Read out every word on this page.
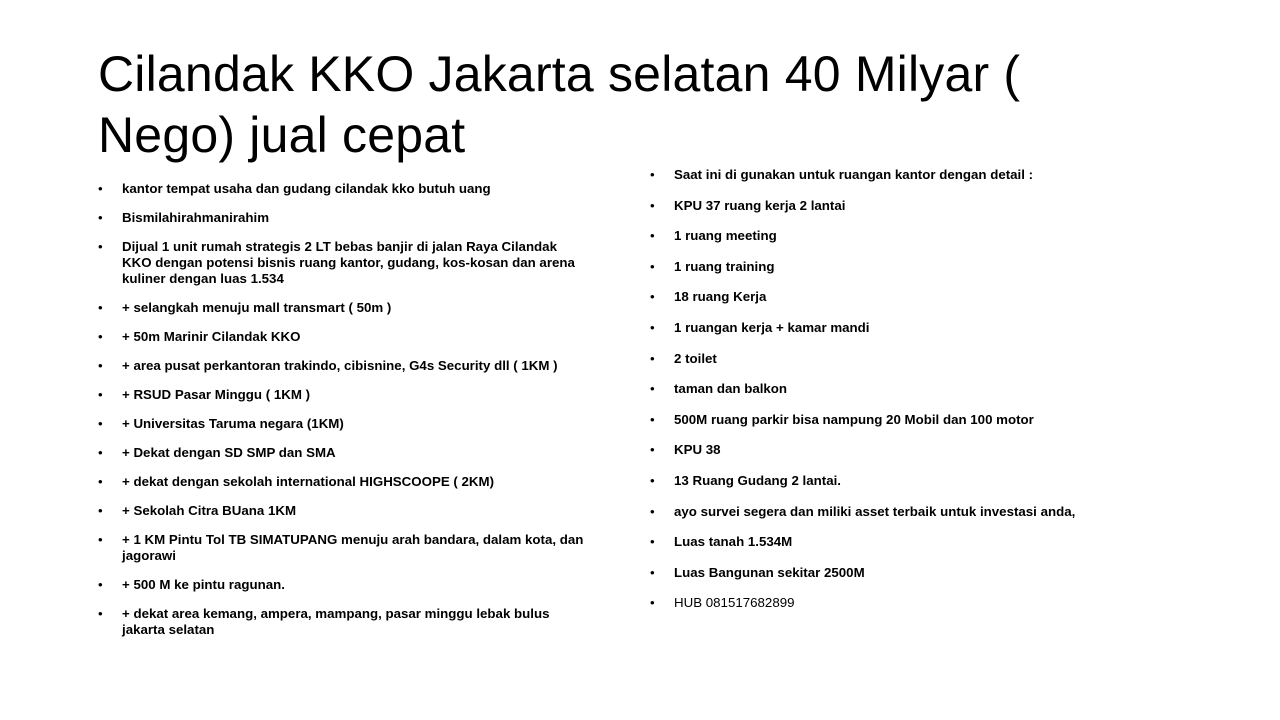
Cilandak KKO Jakarta selatan 40 Milyar ( Nego) jual cepat
• kantor tempat usaha dan gudang cilandak kko butuh uang
• Bismilahirahmanirahim
• Dijual 1 unit rumah strategis 2 LT bebas banjir di jalan Raya Cilandak KKO dengan potensi bisnis ruang kantor, gudang, kos-kosan dan arena kuliner dengan luas 1.534
• + selangkah menuju mall transmart ( 50m )
• + 50m Marinir Cilandak KKO
• + area pusat perkantoran trakindo, cibisnine, G4s Security dll ( 1KM )
• + RSUD Pasar Minggu ( 1KM )
• + Universitas Taruma negara (1KM)
• + Dekat dengan SD SMP dan SMA
• + dekat dengan sekolah international HIGHSCOOPE ( 2KM)
• + Sekolah Citra BUana 1KM
• + 1 KM Pintu Tol TB SIMATUPANG menuju arah bandara, dalam kota, dan jagorawi
• + 500 M ke pintu ragunan.
• + dekat area kemang, ampera, mampang, pasar minggu lebak bulus jakarta selatan
• Saat ini di gunakan untuk ruangan kantor dengan detail :
• KPU 37 ruang kerja 2 lantai
• 1 ruang meeting
• 1 ruang training
• 18 ruang Kerja
• 1 ruangan kerja + kamar mandi
• 2 toilet
• taman dan balkon
• 500M ruang parkir bisa nampung 20 Mobil dan 100 motor
• KPU 38
• 13 Ruang Gudang 2 lantai.
• ayo survei segera dan miliki asset terbaik untuk investasi anda,
• Luas tanah 1.534M
• Luas Bangunan sekitar 2500M
• HUB 081517682899
